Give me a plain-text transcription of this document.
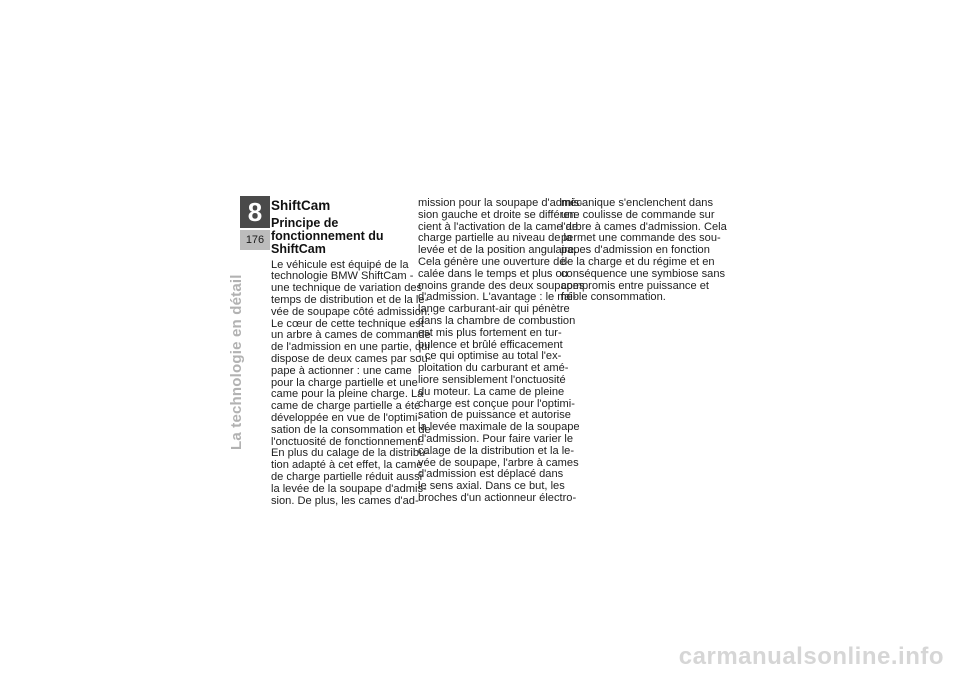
8
176
La technologie en détail
ShiftCam
Principe de
fonctionnement du
ShiftCam
Le véhicule est équipé de la
technologie BMW ShiftCam -
une technique de variation des
temps de distribution et de la le-
vée de soupape côté admission.
Le cœur de cette technique est
un arbre à cames de commande
de l'admission en une partie, qui
dispose de deux cames par sou-
pape à actionner : une came
pour la charge partielle et une
came pour la pleine charge. La
came de charge partielle a été
développée en vue de l'optimi-
sation de la consommation et de
l'onctuosité de fonctionnement.
En plus du calage de la distribu-
tion adapté à cet effet, la came
de charge partielle réduit aussi
la levée de la soupape d'admis-
sion. De plus, les cames d'ad-
mission pour la soupape d'admis-
sion gauche et droite se différen-
cient à l'activation de la came de
charge partielle au niveau de la
levée et de la position angulaire.
Cela génère une ouverture dé-
calée dans le temps et plus ou
moins grande des deux soupapes
d'admission. L'avantage : le mé-
lange carburant-air qui pénètre
dans la chambre de combustion
est mis plus fortement en tur-
bulence et brûlé efficacement
- ce qui optimise au total l'ex-
ploitation du carburant et amé-
liore sensiblement l'onctuosité
du moteur. La came de pleine
charge est conçue pour l'optimi-
sation de puissance et autorise
la levée maximale de la soupape
d'admission. Pour faire varier le
calage de la distribution et la le-
vée de soupape, l'arbre à cames
d'admission est déplacé dans
le sens axial. Dans ce but, les
broches d'un actionneur électro-
mécanique s'enclenchent dans
une coulisse de commande sur
l'arbre à cames d'admission. Cela
permet une commande des sou-
papes d'admission en fonction
de la charge et du régime et en
conséquence une symbiose sans
compromis entre puissance et
faible consommation.
carmanualsonline.info
